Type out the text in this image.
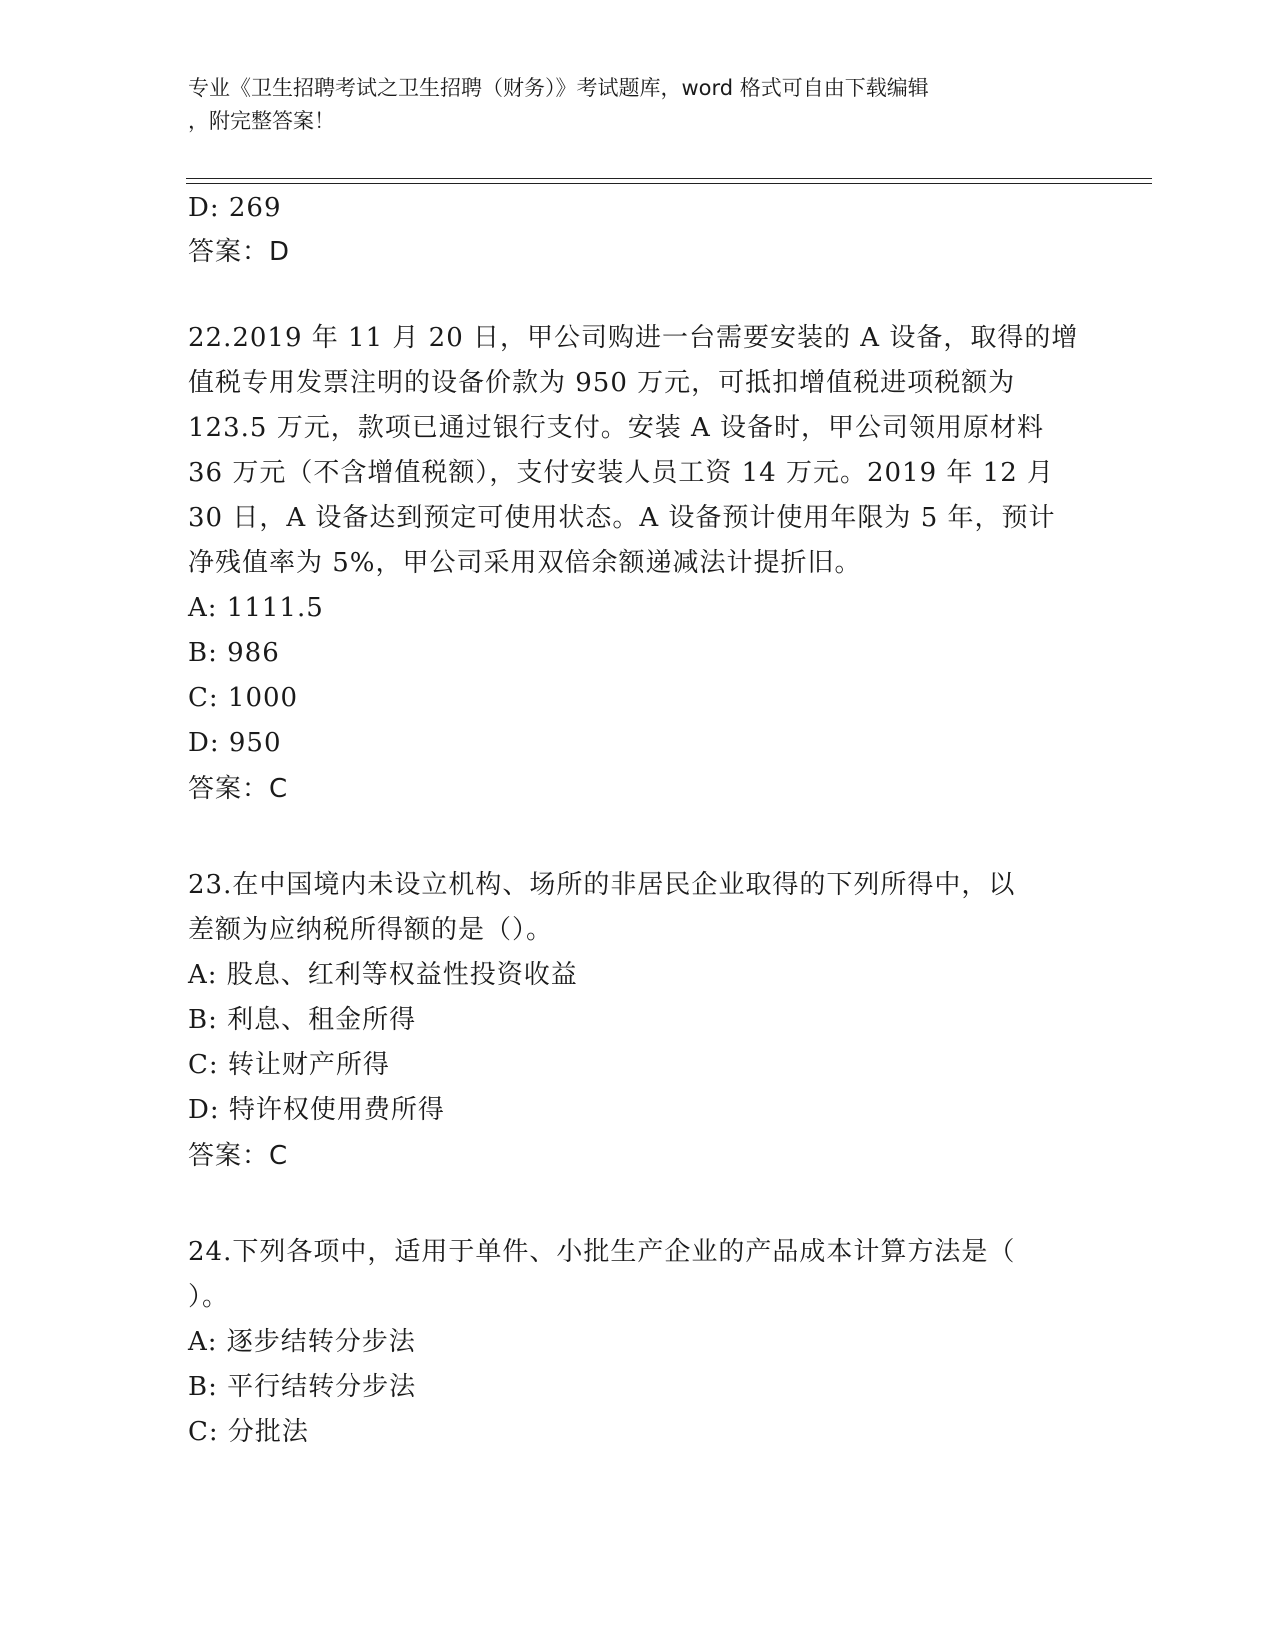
专业《卫生招聘考试之卫生招聘（财务）》考试题库，word 格式可自由下载编辑
，附完整答案！
D: 269
答案：D
22.2019 年 11 月 20 日，甲公司购进一台需要安装的 A 设备，取得的增
值税专用发票注明的设备价款为 950 万元，可抵扣增值税进项税额为
123.5 万元，款项已通过银行支付。安装 A 设备时，甲公司领用原材料
36 万元（不含增值税额），支付安装人员工资 14 万元。2019 年 12 月
30 日，A 设备达到预定可使用状态。A 设备预计使用年限为 5 年，预计
净残值率为 5%，甲公司采用双倍余额递减法计提折旧。
A: 1111.5
B: 986
C: 1000
D: 950
答案：C
23.在中国境内未设立机构、场所的非居民企业取得的下列所得中，以
差额为应纳税所得额的是（）。
A: 股息、红利等权益性投资收益
B: 利息、租金所得
C: 转让财产所得
D: 特许权使用费所得
答案：C
24.下列各项中，适用于单件、小批生产企业的产品成本计算方法是（
）。
A: 逐步结转分步法
B: 平行结转分步法
C: 分批法
